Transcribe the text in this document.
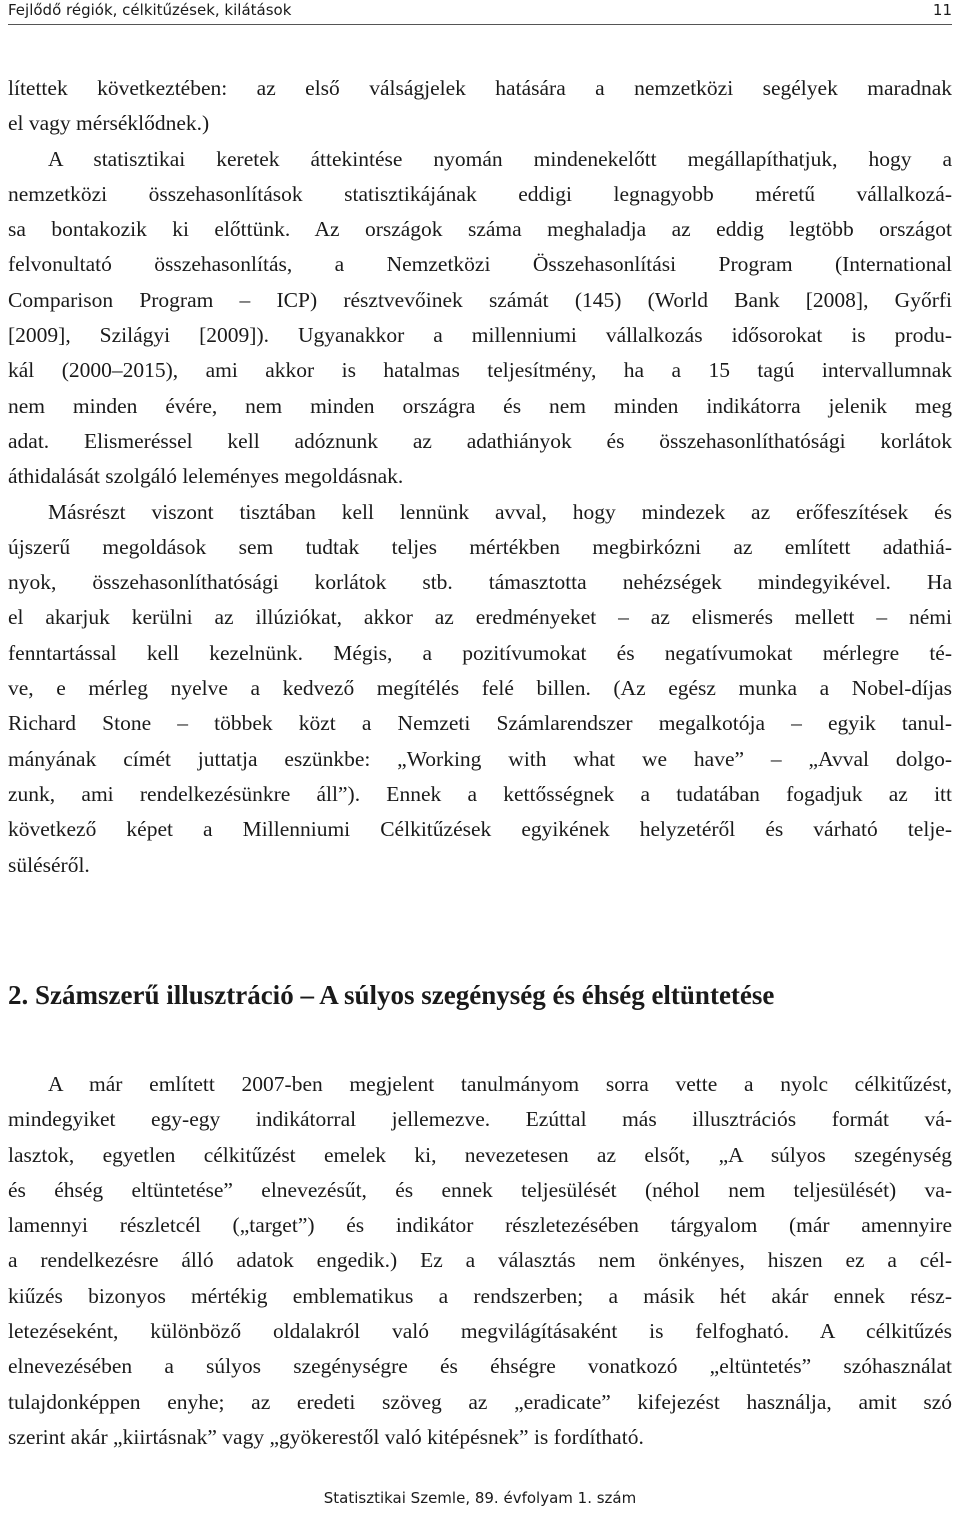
Fejlődő régiók, célkitűzések, kilátások	11
lítettek következtében: az első válságjelek hatására a nemzetközi segélyek maradnak
el vagy mérséklődnek.)
A statisztikai keretek áttekintése nyomán mindenekelőtt megállapíthatjuk, hogy a
nemzetközi összehasonlítások statisztikájának eddigi legnagyobb méretű vállalkozá-
sa bontakozik ki előttünk. Az országok száma meghaladja az eddig legtöbb országot
felvonultató összehasonlítás, a Nemzetközi Összehasonlítási Program (International
Comparison Program – ICP) résztvevőinek számát (145) (World Bank [2008], Győrfi
[2009], Szilágyi [2009]). Ugyanakkor a millenniumi vállalkozás idősorokat is produ-
kál (2000–2015), ami akkor is hatalmas teljesítmény, ha a 15 tagú intervallumnak
nem minden évére, nem minden országra és nem minden indikátorra jelenik meg
adat. Elismeréssel kell adóznunk az adathiányok és összehasonlíthatósági korlátok
áthidalását szolgáló leleményes megoldásnak.
Másrészt viszont tisztában kell lennünk avval, hogy mindezek az erőfeszítések és
újszerű megoldások sem tudtak teljes mértékben megbirkózni az említett adathiá-
nyok, összehasonlíthatósági korlátok stb. támasztotta nehézségek mindegyikével. Ha
el akarjuk kerülni az illúziókat, akkor az eredményeket – az elismerés mellett – némi
fenntartással kell kezelnünk. Mégis, a pozitívumokat és negatívumokat mérlegre té-
ve, e mérleg nyelve a kedvező megítélés felé billen. (Az egész munka a Nobel-díjas
Richard Stone – többek közt a Nemzeti Számlarendszer megalkotója – egyik tanul-
mányának címét juttatja eszünkbe: „Working with what we have” – „Avval dolgo-
zunk, ami rendelkezésünkre áll”). Ennek a kettősségnek a tudatában fogadjuk az itt
következő képet a Millenniumi Célkitűzések egyikének helyzetéről és várható telje-
süléséről.
2. Számszerű illusztráció – A súlyos szegénység és éhség eltüntetése
A már említett 2007-ben megjelent tanulmányom sorra vette a nyolc célkitűzést,
mindegyiket egy-egy indikátorral jellemezve. Ezúttal más illusztrációs formát vá-
lasztok, egyetlen célkitűzést emelek ki, nevezetesen az elsőt, „A súlyos szegénység
és éhség eltüntetése” elnevezésűt, és ennek teljesülését (néhol nem teljesülését) va-
lamennyi részletcél („target”) és indikátor részletezésében tárgyalom (már amennyire
a rendelkezésre álló adatok engedik.) Ez a választás nem önkényes, hiszen ez a cél-
kiűzés bizonyos mértékig emblematikus a rendszerben; a másik hét akár ennek rész-
letezéseként, különböző oldalakról való megvilágításaként is felfogható. A célkitűzés
elnevezésében a súlyos szegénységre és éhségre vonatkozó „eltüntetés” szóhasználat
tulajdonképpen enyhe; az eredeti szöveg az „eradicate” kifejezést használja, amit szó
szerint akár „kiirtásnak” vagy „gyökerestől való kitépésnek” is fordítható.
Statisztikai Szemle, 89. évfolyam 1. szám
